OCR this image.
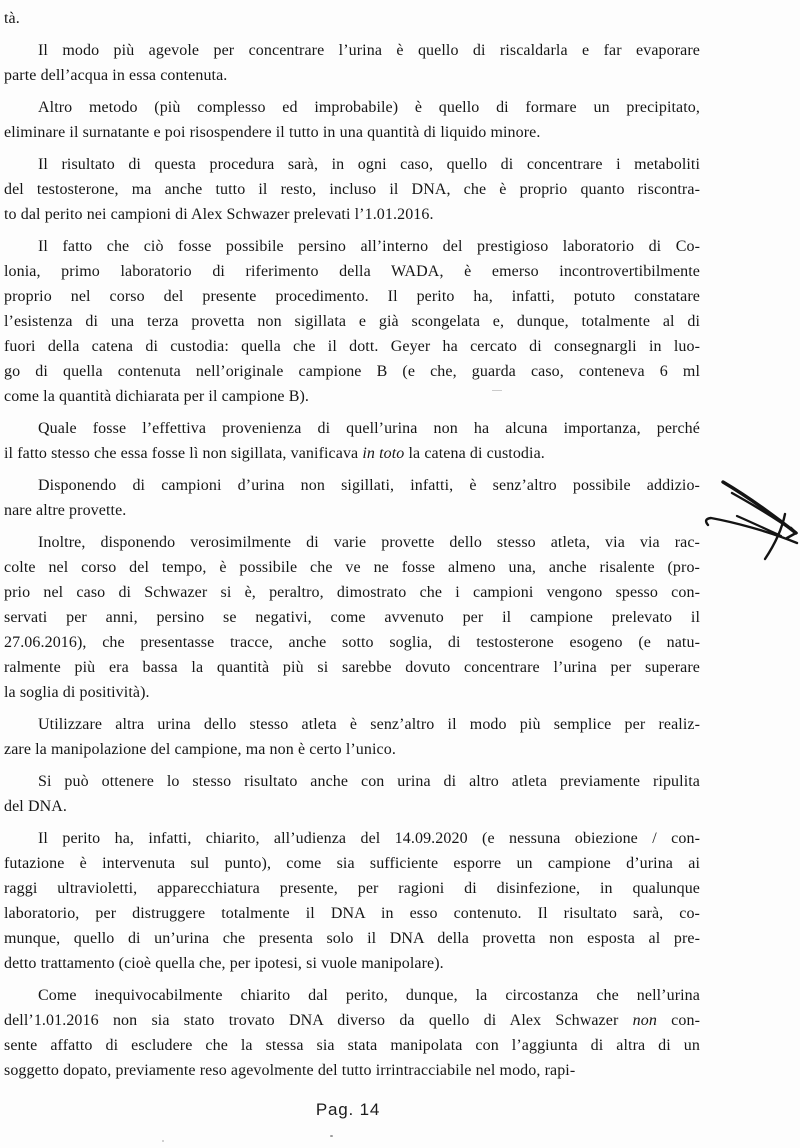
tà.
Il modo più agevole per concentrare l’urina è quello di riscaldarla e far evaporare
parte dell’acqua in essa contenuta.
Altro metodo (più complesso ed improbabile) è quello di formare un precipitato,
eliminare il surnatante e poi risospendere il tutto in una quantità di liquido minore.
Il risultato di questa procedura sarà, in ogni caso, quello di concentrare i metaboliti
del testosterone, ma anche tutto il resto, incluso il DNA, che è proprio quanto riscontra-
to dal perito nei campioni di Alex Schwazer prelevati l’1.01.2016.
Il fatto che ciò fosse possibile persino all’interno del prestigioso laboratorio di Co-
lonia, primo laboratorio di riferimento della WADA, è emerso incontrovertibilmente
proprio nel corso del presente procedimento. Il perito ha, infatti, potuto constatare
l’esistenza di una terza provetta non sigillata e già scongelata e, dunque, totalmente al di
fuori della catena di custodia: quella che il dott. Geyer ha cercato di consegnargli in luo-
go di quella contenuta nell’originale campione B (e che, guarda caso, conteneva 6 ml
come la quantità dichiarata per il campione B).
Quale fosse l’effettiva provenienza di quell’urina non ha alcuna importanza, perché
il fatto stesso che essa fosse lì non sigillata, vanificava in toto la catena di custodia.
Disponendo di campioni d’urina non sigillati, infatti, è senz’altro possibile addizio-
nare altre provette.
Inoltre, disponendo verosimilmente di varie provette dello stesso atleta, via via rac-
colte nel corso del tempo, è possibile che ve ne fosse almeno una, anche risalente (pro-
prio nel caso di Schwazer si è, peraltro, dimostrato che i campioni vengono spesso con-
servati per anni, persino se negativi, come avvenuto per il campione prelevato il
27.06.2016), che presentasse tracce, anche sotto soglia, di testosterone esogeno (e natu-
ralmente più era bassa la quantità più si sarebbe dovuto concentrare l’urina per superare
la soglia di positività).
Utilizzare altra urina dello stesso atleta è senz’altro il modo più semplice per realiz-
zare la manipolazione del campione, ma non è certo l’unico.
Si può ottenere lo stesso risultato anche con urina di altro atleta previamente ripulita
del DNA.
Il perito ha, infatti, chiarito, all’udienza del 14.09.2020 (e nessuna obiezione / con-
futazione è intervenuta sul punto), come sia sufficiente esporre un campione d’urina ai
raggi ultravioletti, apparecchiatura presente, per ragioni di disinfezione, in qualunque
laboratorio, per distruggere totalmente il DNA in esso contenuto. Il risultato sarà, co-
munque, quello di un’urina che presenta solo il DNA della provetta non esposta al pre-
detto trattamento (cioè quella che, per ipotesi, si vuole manipolare).
Come inequivocabilmente chiarito dal perito, dunque, la circostanza che nell’urina
dell’1.01.2016 non sia stato trovato DNA diverso da quello di Alex Schwazer non con-
sente affatto di escludere che la stessa sia stata manipolata con l’aggiunta di altra di un
soggetto dopato, previamente reso agevolmente del tutto irrintracciabile nel modo, rapi-
Pag. 14
